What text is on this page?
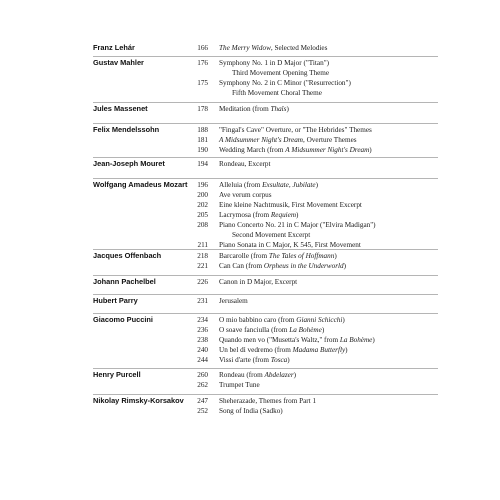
Franz Lehár	166 The Merry Widow, Selected Melodies
Gustav Mahler	176 Symphony No. 1 in D Major ("Titan")
Third Movement Opening Theme
175 Symphony No. 2 in C Minor ("Resurrection")
Fifth Movement Choral Theme
Jules Massenet	178 Meditation (from Thaïs)
Felix Mendelssohn	188 "Fingal's Cave" Overture, or "The Hebrides" Themes
181 A Midsummer Night's Dream, Overture Themes
190 Wedding March (from A Midsummer Night's Dream)
Jean-Joseph Mouret	194 Rondeau, Excerpt
Wolfgang Amadeus Mozart	196 Alleluia (from Exsultate, Jubilate)
200 Ave verum corpus
202 Eine kleine Nachtmusik, First Movement Excerpt
205 Lacrymosa (from Requiem)
208 Piano Concerto No. 21 in C Major ("Elvira Madigan")
Second Movement Excerpt
211 Piano Sonata in C Major, K 545, First Movement
Jacques Offenbach	218 Barcarolle (from The Tales of Hoffmann)
221 Can Can (from Orpheus in the Underworld)
Johann Pachelbel	226 Canon in D Major, Excerpt
Hubert Parry	231 Jerusalem
Giacomo Puccini	234 O mio babbino caro (from Gianni Schicchi)
236 O soave fanciulla (from La Bohème)
238 Quando men vo ("Musetta's Waltz," from La Bohème)
240 Un bel dì vedremo (from Madama Butterfly)
244 Vissi d'arte (from Tosca)
Henry Purcell	260 Rondeau (from Abdelazer)
262 Trumpet Tune
Nikolay Rimsky-Korsakov	247 Sheherazade, Themes from Part 1
252 Song of India (Sadko)
